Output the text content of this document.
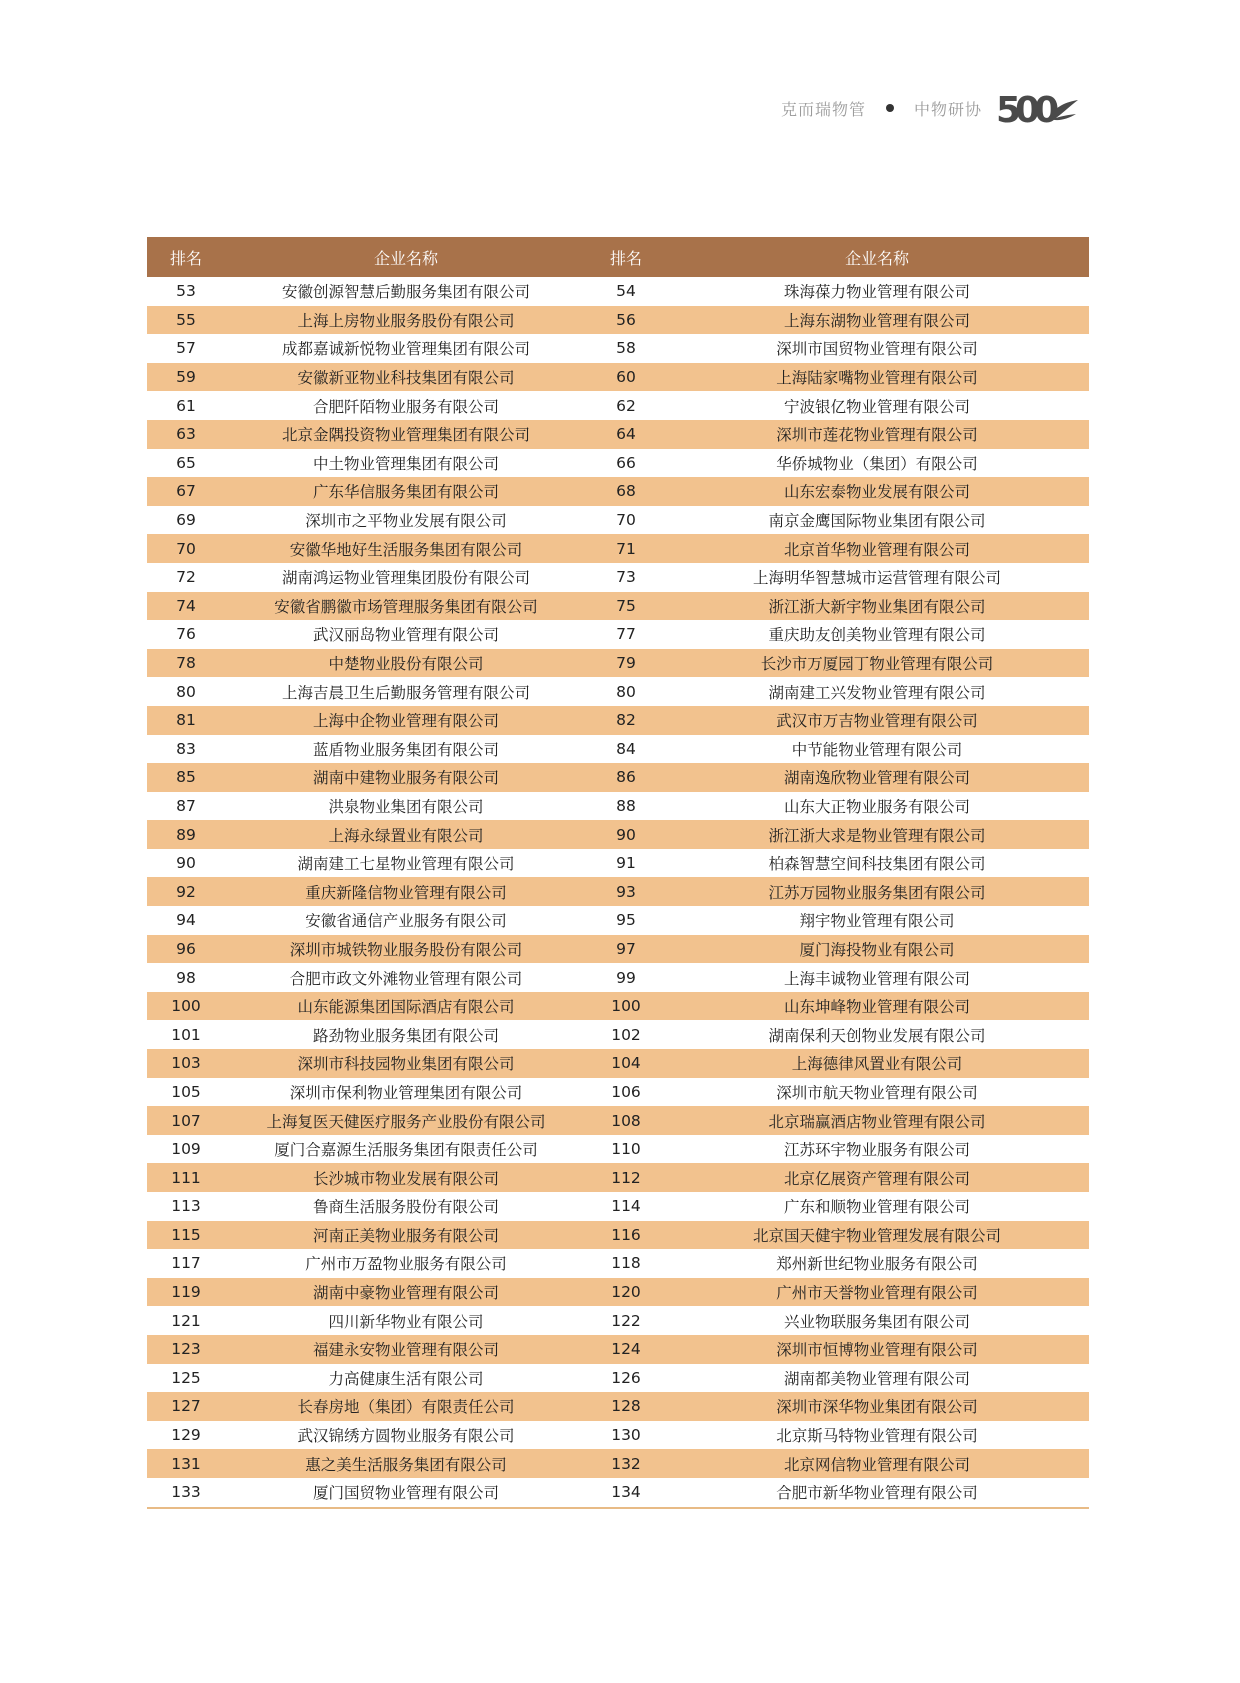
克而瑞物管	中物研协 500
排名	企业名称	排名	企业名称
53	安徽创源智慧后勤服务集团有限公司	54	珠海葆力物业管理有限公司
55	上海上房物业服务股份有限公司	56	上海东湖物业管理有限公司
57	成都嘉诚新悦物业管理集团有限公司	58	深圳市国贸物业管理有限公司
59	安徽新亚物业科技集团有限公司	60	上海陆家嘴物业管理有限公司
61	合肥阡陌物业服务有限公司	62	宁波银亿物业管理有限公司
63	北京金隅投资物业管理集团有限公司	64	深圳市莲花物业管理有限公司
65	中土物业管理集团有限公司	66	华侨城物业（集团）有限公司
67	广东华信服务集团有限公司	68	山东宏泰物业发展有限公司
69	深圳市之平物业发展有限公司	70	南京金鹰国际物业集团有限公司
70	安徽华地好生活服务集团有限公司	71	北京首华物业管理有限公司
72	湖南鸿运物业管理集团股份有限公司	73	上海明华智慧城市运营管理有限公司
74	安徽省鹏徽市场管理服务集团有限公司	75	浙江浙大新宇物业集团有限公司
76	武汉丽岛物业管理有限公司	77	重庆助友创美物业管理有限公司
78	中楚物业股份有限公司	79	长沙市万厦园丁物业管理有限公司
80	上海吉晨卫生后勤服务管理有限公司	80	湖南建工兴发物业管理有限公司
81	上海中企物业管理有限公司	82	武汉市万吉物业管理有限公司
83	蓝盾物业服务集团有限公司	84	中节能物业管理有限公司
85	湖南中建物业服务有限公司	86	湖南逸欣物业管理有限公司
87	洪泉物业集团有限公司	88	山东大正物业服务有限公司
89	上海永绿置业有限公司	90	浙江浙大求是物业管理有限公司
90	湖南建工七星物业管理有限公司	91	柏森智慧空间科技集团有限公司
92	重庆新隆信物业管理有限公司	93	江苏万园物业服务集团有限公司
94	安徽省通信产业服务有限公司	95	翔宇物业管理有限公司
96	深圳市城铁物业服务股份有限公司	97	厦门海投物业有限公司
98	合肥市政文外滩物业管理有限公司	99	上海丰诚物业管理有限公司
100	山东能源集团国际酒店有限公司	100	山东坤峰物业管理有限公司
101	路劲物业服务集团有限公司	102	湖南保利天创物业发展有限公司
103	深圳市科技园物业集团有限公司	104	上海德律风置业有限公司
105	深圳市保利物业管理集团有限公司	106	深圳市航天物业管理有限公司
107	上海复医天健医疗服务产业股份有限公司	108	北京瑞赢酒店物业管理有限公司
109	厦门合嘉源生活服务集团有限责任公司	110	江苏环宇物业服务有限公司
111	长沙城市物业发展有限公司	112	北京亿展资产管理有限公司
113	鲁商生活服务股份有限公司	114	广东和顺物业管理有限公司
115	河南正美物业服务有限公司	116	北京国天健宇物业管理发展有限公司
117	广州市万盈物业服务有限公司	118	郑州新世纪物业服务有限公司
119	湖南中豪物业管理有限公司	120	广州市天誉物业管理有限公司
121	四川新华物业有限公司	122	兴业物联服务集团有限公司
123	福建永安物业管理有限公司	124	深圳市恒博物业管理有限公司
125	力高健康生活有限公司	126	湖南都美物业管理有限公司
127	长春房地（集团）有限责任公司	128	深圳市深华物业集团有限公司
129	武汉锦绣方圆物业服务有限公司	130	北京斯马特物业管理有限公司
131	惠之美生活服务集团有限公司	132	北京网信物业管理有限公司
133	厦门国贸物业管理有限公司	134	合肥市新华物业管理有限公司
